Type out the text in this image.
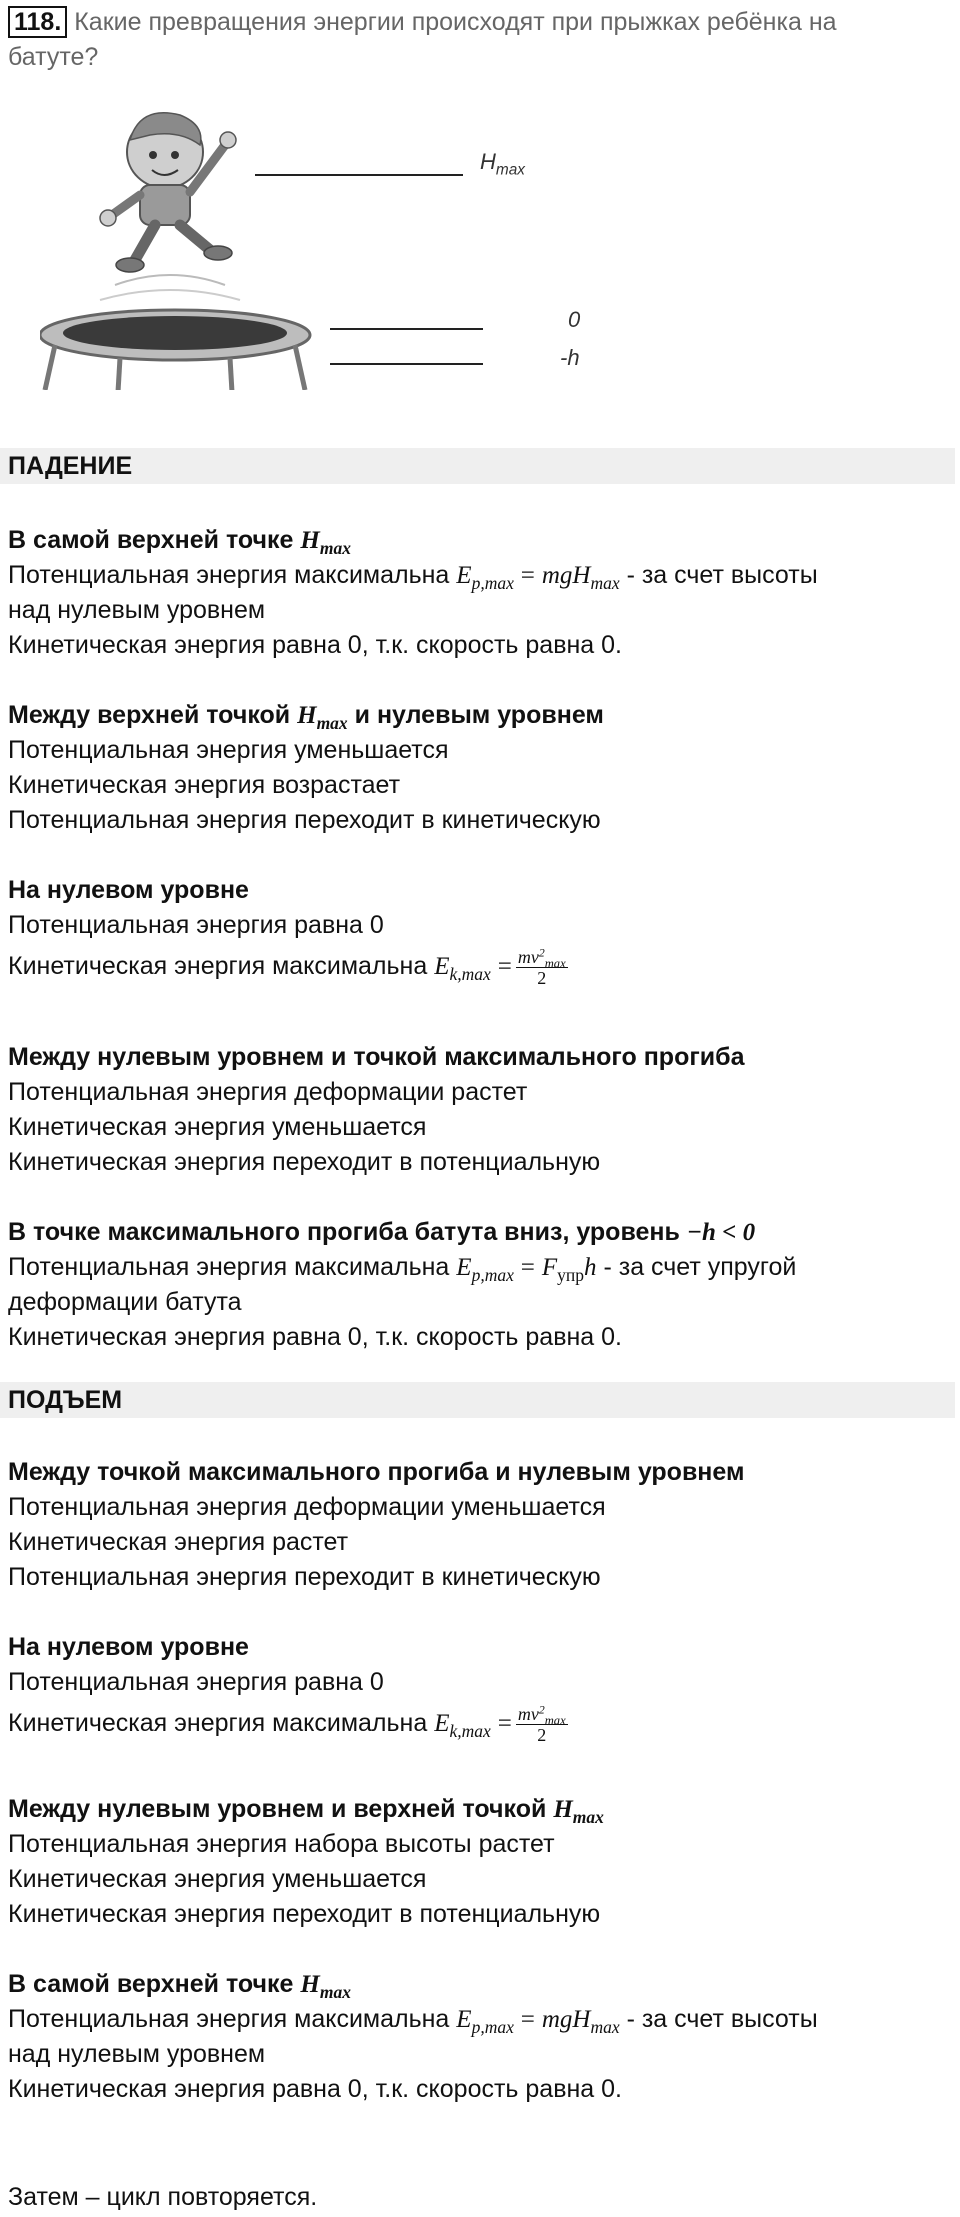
118. Какие превращения энергии происходят при прыжках ребёнка на
батуте?
$H_{max}$
0
-h
ПАДЕНИЕ
В самой верхней точке $H_{max}$
Потенциальная энергия максимальна $E_{p,max} = mgH_{max}$ - за счет высоты
над нулевым уровнем
Кинетическая энергия равна 0, т.к. скорость равна 0.
Между верхней точкой $H_{max}$ и нулевым уровнем
Потенциальная энергия уменьшается
Кинетическая энергия возрастает
Потенциальная энергия переходит в кинетическую
На нулевом уровне
Потенциальная энергия равна 0
Кинетическая энергия максимальна $E_{k,max} = \frac{mv^2_{max}}{2}$
Между нулевым уровнем и точкой максимального прогиба
Потенциальная энергия деформации растет
Кинетическая энергия уменьшается
Кинетическая энергия переходит в потенциальную
В точке максимального прогиба батута вниз, уровень −h < 0
Потенциальная энергия максимальна $E_{p,max} = F_{упр}h$ - за счет упругой
деформации батута
Кинетическая энергия равна 0, т.к. скорость равна 0.
ПОДЪЕМ
Между точкой максимального прогиба и нулевым уровнем
Потенциальная энергия деформации уменьшается
Кинетическая энергия растет
Потенциальная энергия переходит в кинетическую
На нулевом уровне
Потенциальная энергия равна 0
Кинетическая энергия максимальна $E_{k,max} = \frac{mv^2_{max}}{2}$
Между нулевым уровнем и верхней точкой $H_{max}$
Потенциальная энергия набора высоты растет
Кинетическая энергия уменьшается
Кинетическая энергия переходит в потенциальную
В самой верхней точке $H_{max}$
Потенциальная энергия максимальна $E_{p,max} = mgH_{max}$ - за счет высоты
над нулевым уровнем
Кинетическая энергия равна 0, т.к. скорость равна 0.
Затем – цикл повторяется.
